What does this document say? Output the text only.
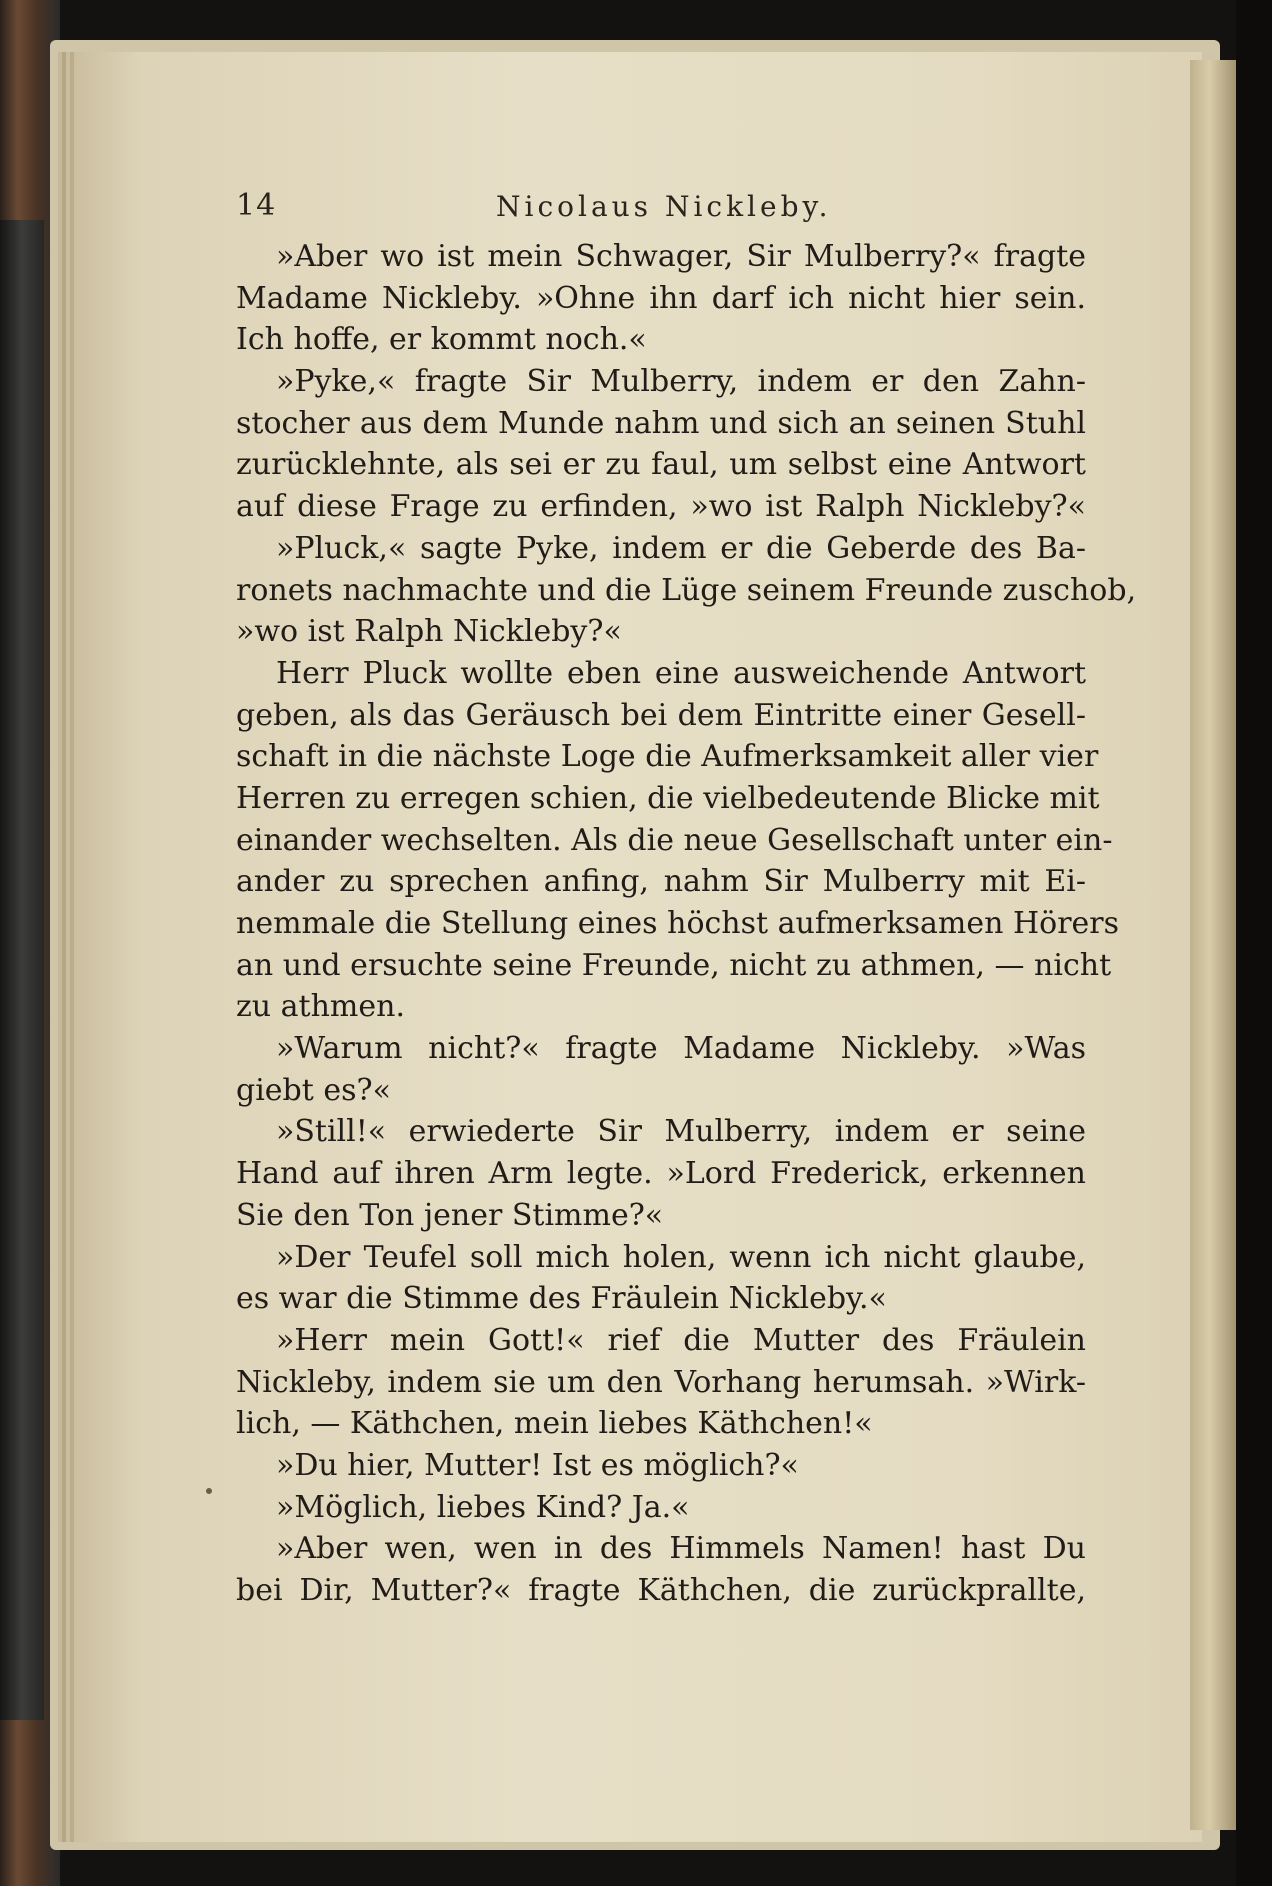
14	Nicolaus Nickleby.
»Aber wo ist mein Schwager, Sir Mulberry?« fragte
Madame Nickleby. »Ohne ihn darf ich nicht hier sein.
Ich hoffe, er kommt noch.«
»Pyke,« fragte Sir Mulberry, indem er den Zahn-
stocher aus dem Munde nahm und sich an seinen Stuhl
zurücklehnte, als sei er zu faul, um selbst eine Antwort
auf diese Frage zu erfinden, »wo ist Ralph Nickleby?«
»Pluck,« sagte Pyke, indem er die Geberde des Ba-
ronets nachmachte und die Lüge seinem Freunde zuschob,
»wo ist Ralph Nickleby?«
Herr Pluck wollte eben eine ausweichende Antwort
geben, als das Geräusch bei dem Eintritte einer Gesell-
schaft in die nächste Loge die Aufmerksamkeit aller vier
Herren zu erregen schien, die vielbedeutende Blicke mit
einander wechselten. Als die neue Gesellschaft unter ein-
ander zu sprechen anfing, nahm Sir Mulberry mit Ei-
nemmale die Stellung eines höchst aufmerksamen Hörers
an und ersuchte seine Freunde, nicht zu athmen, — nicht
zu athmen.
»Warum nicht?« fragte Madame Nickleby. »Was
giebt es?«
»Still!« erwiederte Sir Mulberry, indem er seine
Hand auf ihren Arm legte. »Lord Frederick, erkennen
Sie den Ton jener Stimme?«
»Der Teufel soll mich holen, wenn ich nicht glaube,
es war die Stimme des Fräulein Nickleby.«
»Herr mein Gott!« rief die Mutter des Fräulein
Nickleby, indem sie um den Vorhang herumsah. »Wirk-
lich, — Käthchen, mein liebes Käthchen!«
»Du hier, Mutter! Ist es möglich?«
»Möglich, liebes Kind? Ja.«
»Aber wen, wen in des Himmels Namen! hast Du
bei Dir, Mutter?« fragte Käthchen, die zurückprallte,
